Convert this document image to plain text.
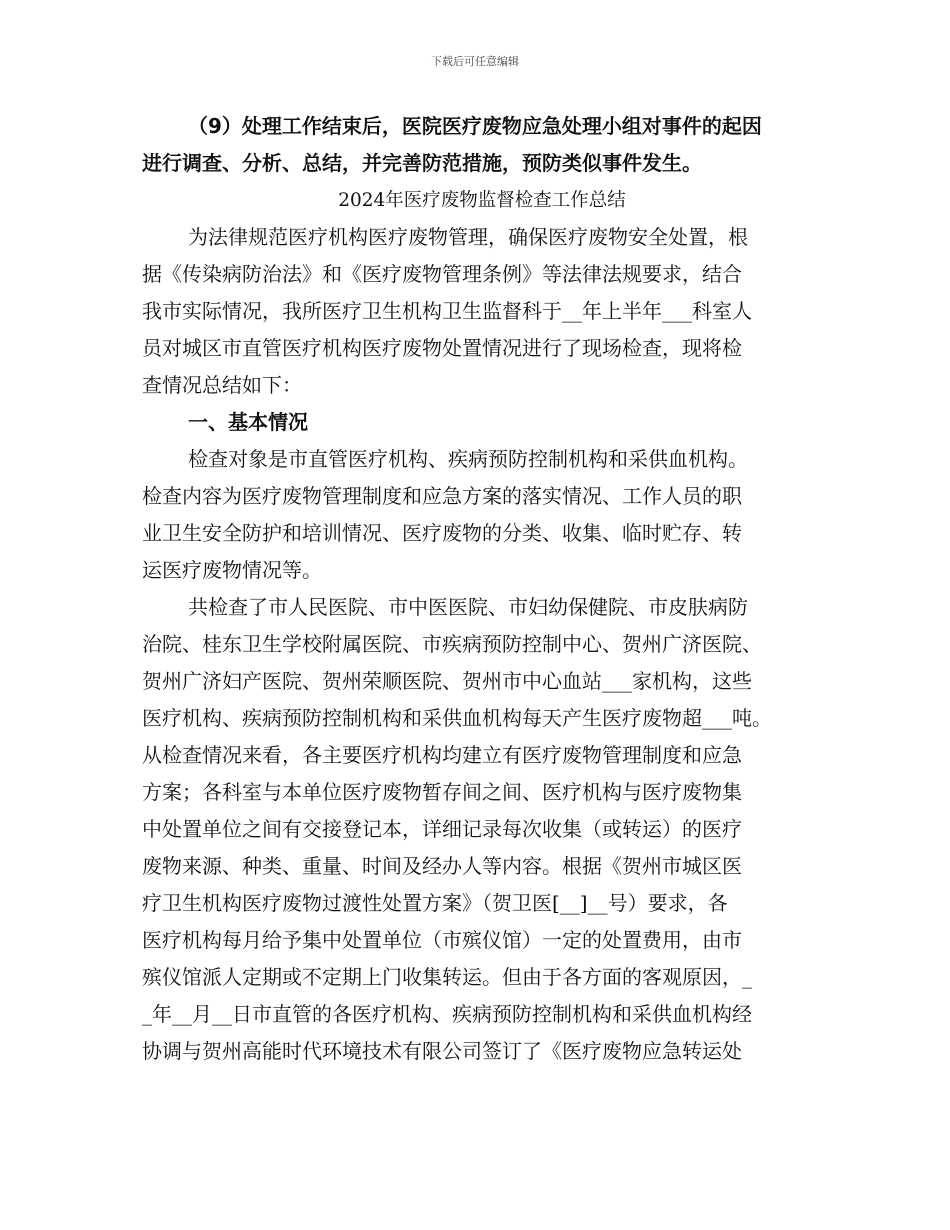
下载后可任意编辑
（9）处理工作结束后，医院医疗废物应急处理小组对事件的起因
进行调查、分析、总结，并完善防范措施，预防类似事件发生。
2024年医疗废物监督检查工作总结
为法律规范医疗机构医疗废物管理，确保医疗废物安全处置，根
据《传染病防治法》和《医疗废物管理条例》等法律法规要求，结合
我市实际情况，我所医疗卫生机构卫生监督科于__年上半年___科室人
员对城区市直管医疗机构医疗废物处置情况进行了现场检查，现将检
查情况总结如下：
一、基本情况
检查对象是市直管医疗机构、疾病预防控制机构和采供血机构。
检查内容为医疗废物管理制度和应急方案的落实情况、工作人员的职
业卫生安全防护和培训情况、医疗废物的分类、收集、临时贮存、转
运医疗废物情况等。
共检查了市人民医院、市中医医院、市妇幼保健院、市皮肤病防
治院、桂东卫生学校附属医院、市疾病预防控制中心、贺州广济医院、
贺州广济妇产医院、贺州荣顺医院、贺州市中心血站___家机构，这些
医疗机构、疾病预防控制机构和采供血机构每天产生医疗废物超___吨。
从检查情况来看，各主要医疗机构均建立有医疗废物管理制度和应急
方案；各科室与本单位医疗废物暂存间之间、医疗机构与医疗废物集
中处置单位之间有交接登记本，详细记录每次收集（或转运）的医疗
废物来源、种类、重量、时间及经办人等内容。根据《贺州市城区医
疗卫生机构医疗废物过渡性处置方案》（贺卫医[__]__号）要求，各
医疗机构每月给予集中处置单位（市殡仪馆）一定的处置费用，由市
殡仪馆派人定期或不定期上门收集转运。但由于各方面的客观原因，_
_年__月__日市直管的各医疗机构、疾病预防控制机构和采供血机构经
协调与贺州高能时代环境技术有限公司签订了《医疗废物应急转运处
